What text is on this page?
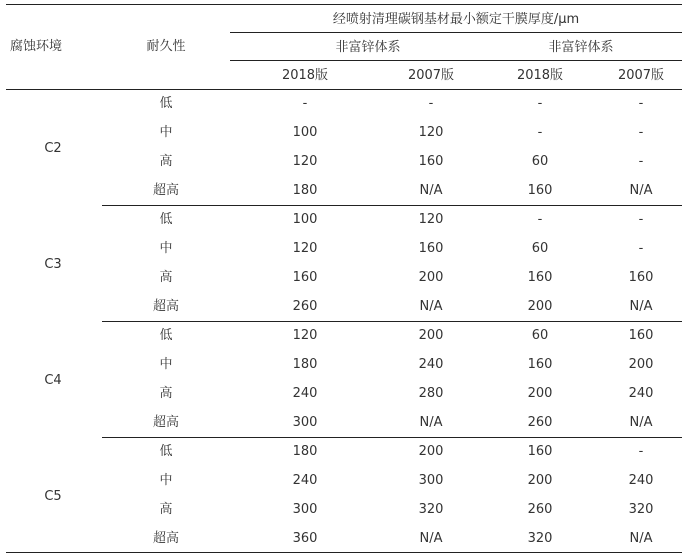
腐蚀环境	耐久性
经喷射清理碳钢基材最小额定干膜厚度/μm
非富锌体系	非富锌体系
2018版	2007版	2018版	2007版
C2
低	-	-	-	-
中	100	120	-	-
高	120	160	60	-
超高	180	N/A	160	N/A
C3
低	100	120	-	-
中	120	160	60	-
高	160	200	160	160
超高	260	N/A	200	N/A
C4
低	120	200	60	160
中	180	240	160	200
高	240	280	200	240
超高	300	N/A	260	N/A
C5
低	180	200	160	-
中	240	300	200	240
高	300	320	260	320
超高	360	N/A	320	N/A
